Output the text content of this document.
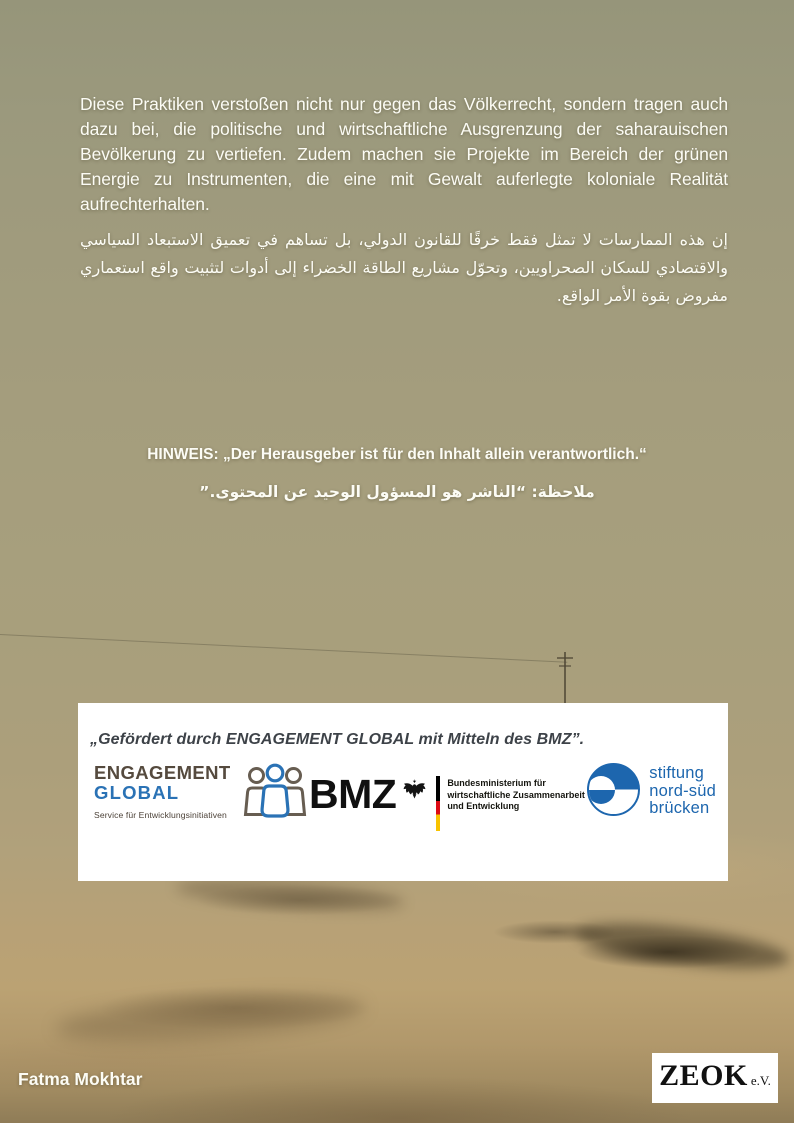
Diese Praktiken verstoßen nicht nur gegen das Völkerrecht, sondern tragen auch dazu bei, die politische und wirtschaftliche Ausgrenzung der saharauischen Bevölkerung zu vertiefen. Zudem machen sie Projekte im Bereich der grünen Energie zu Instrumenten, die eine mit Gewalt auferlegte koloniale Realität aufrechterhalten.

إن هذه الممارسات لا تمثل فقط خرقًا للقانون الدولي، بل تساهم في تعميق الاستبعاد السياسي والاقتصادي للسكان الصحراويين، وتحوّل مشاريع الطاقة الخضراء إلى أدوات لتثبيت واقع استعماري مفروض بقوة الأمر الواقع.

HINWEIS: „Der Herausgeber ist für den Inhalt allein verantwortlich.“
ملاحظة: “الناشر هو المسؤول الوحيد عن المحتوى.”
„Gefördert durch ENGAGEMENT GLOBAL mit Mitteln des BMZ”.
ENGAGEMENT
GLOBAL
Service für Entwicklungsinitiativen BMZ	Bundesministerium für
wirtschaftliche Zusammenarbeit
und Entwicklung
stiftung
nord-süd
brücken
Fatma Mokhtar	ZEOK e.V.
